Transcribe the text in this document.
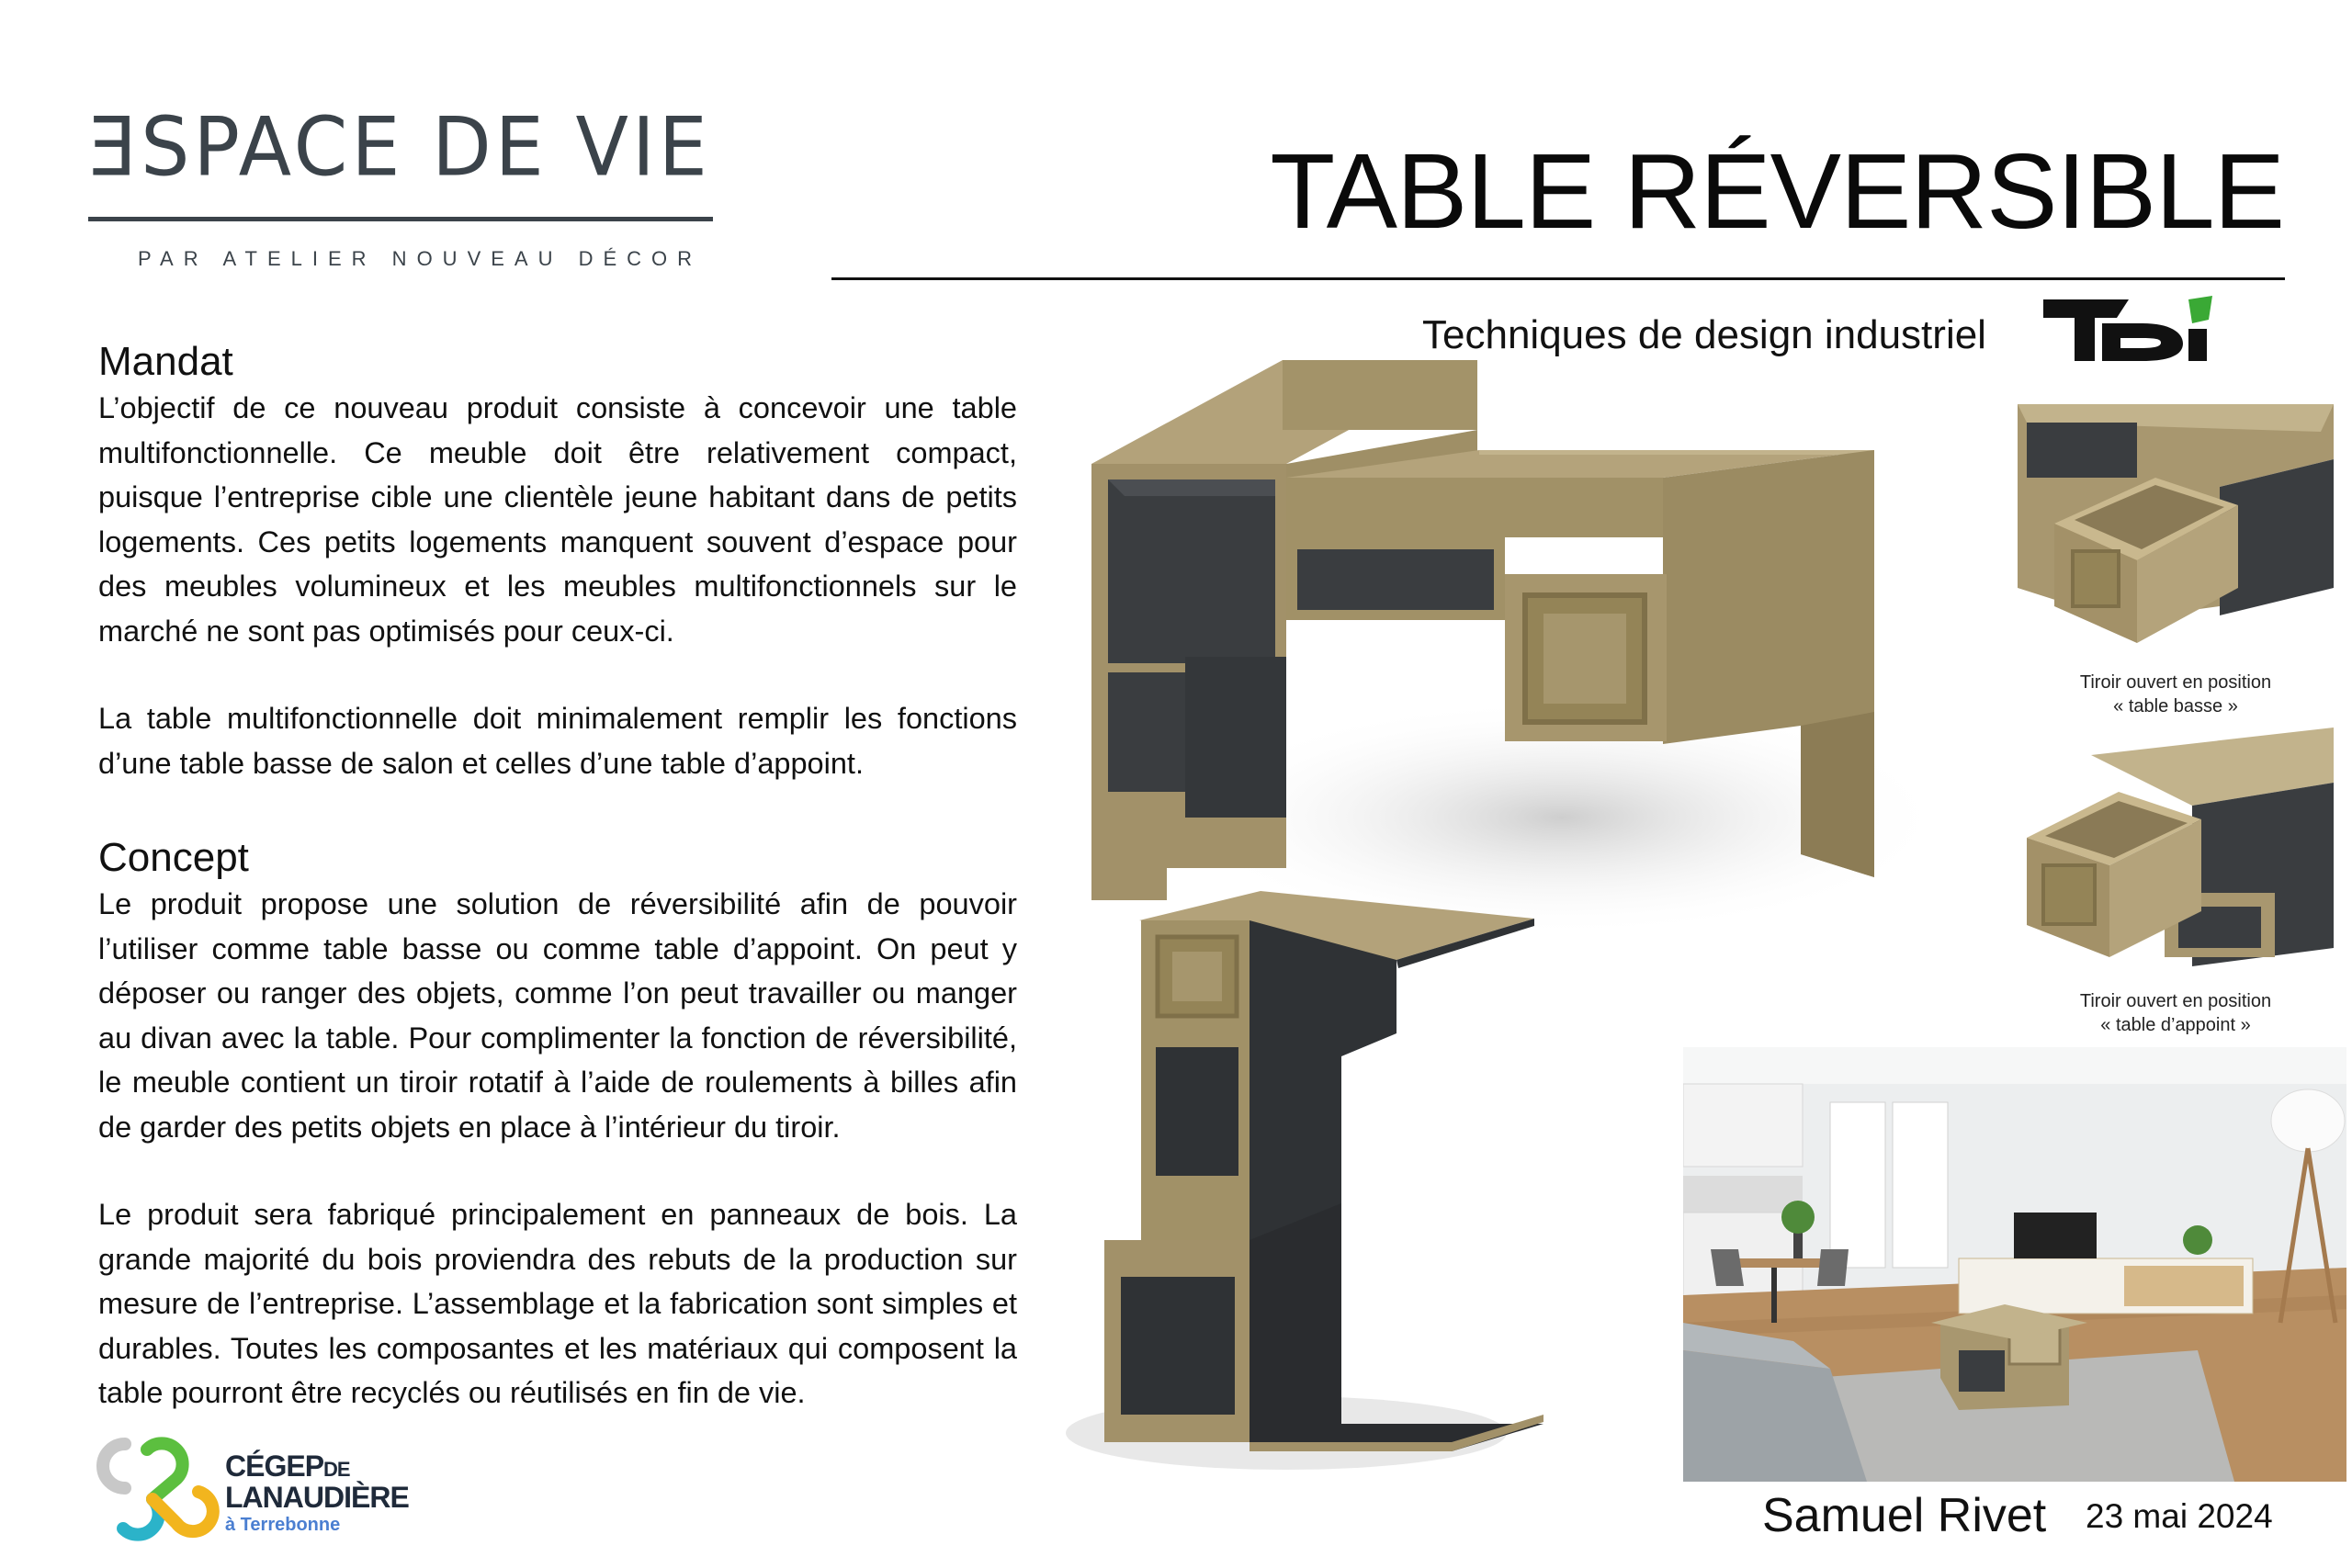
ƎSPACE DE VIE
PAR ATELIER NOUVEAU DÉCOR
TABLE RÉVERSIBLE
Techniques de design industriel
Mandat

L’objectif de ce nouveau produit consiste à concevoir une table multifonctionnelle. Ce meuble doit être relativement compact, puisque l’entreprise cible une clientèle jeune habitant dans de petits logements. Ces petits logements manquent souvent d’espace pour des meubles volumineux et les meubles multifonctionnels sur le marché ne sont pas optimisés pour ceux-ci.

La table multifonctionnelle doit minimalement remplir les fonctions d’une table basse de salon et celles d’une table d’appoint.

Concept

Le produit propose une solution de réversibilité afin de pouvoir l’utiliser comme table basse ou comme table d’appoint. On peut y déposer ou ranger des objets, comme l’on peut travailler ou manger au divan avec la table. Pour complimenter la fonction de réversibilité, le meuble contient un tiroir rotatif à l’aide de roulements à billes afin de garder des petits objets en place à l’intérieur du tiroir.

Le produit sera fabriqué principalement en panneaux de bois. La grande majorité du bois proviendra des rebuts de la production sur mesure de l’entreprise. L’assemblage et la fabrication sont simples et durables. Toutes les composantes et les matériaux qui composent la table pourront être recyclés ou réutilisés en fin de vie.

Tiroir ouvert en position
« table basse »
Tiroir ouvert en position
« table d’appoint »
Samuel Rivet 23 mai 2024
CÉGEPDE
LANAUDIÈRE
à Terrebonne
